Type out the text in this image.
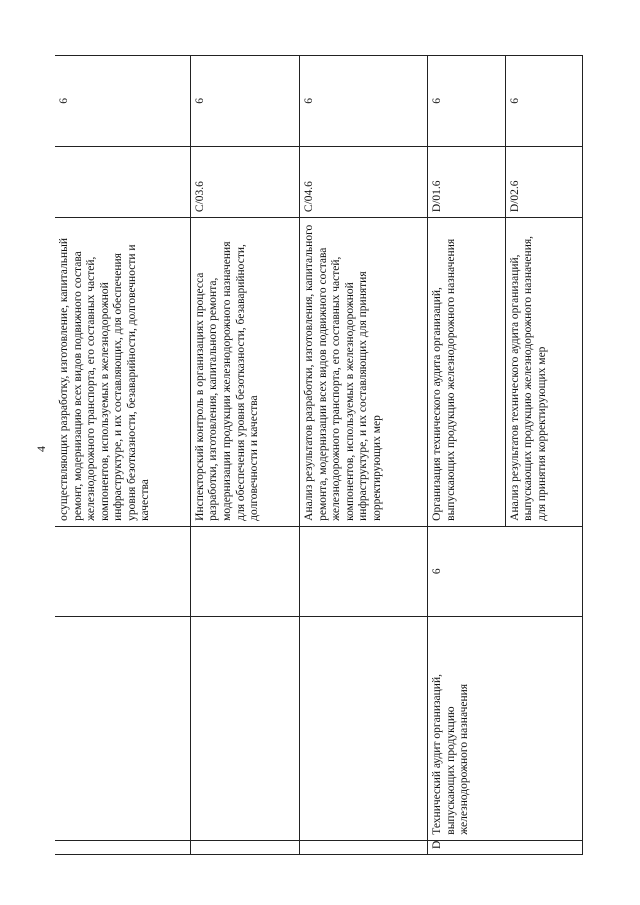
4
			осуществляющих разработку, изготовление, капитальный ремонт, модернизацию всех видов подвижного состава железнодорожного транспорта, его составных частей, компонентов, используемых в железнодорожной инфраструктуре, и их составляющих, для обеспечения уровня безотказности, безаварийности, долговечности и качества		6
			Инспекторский контроль в организациях процесса разработки, изготовления, капитального ремонта, модернизации продукции железнодорожного назначения для обеспечения уровня безотказности, безаварийности, долговечности и качества	C/03.6	6
			Анализ результатов разработки, изготовления, капитального ремонта, модернизации всех видов подвижного состава железнодорожного транспорта, его составных частей, компонентов, используемых в железнодорожной инфраструктуре, и их составляющих для принятия корректирующих мер	C/04.6	6
D	Технический аудит организаций, выпускающих продукцию железнодорожного назначения	6	Организация технического аудита организаций, выпускающих продукцию железнодорожного назначения	D/01.6	6
			Анализ результатов технического аудита организаций, выпускающих продукцию железнодорожного назначения, для принятия корректирующих мер	D/02.6	6
